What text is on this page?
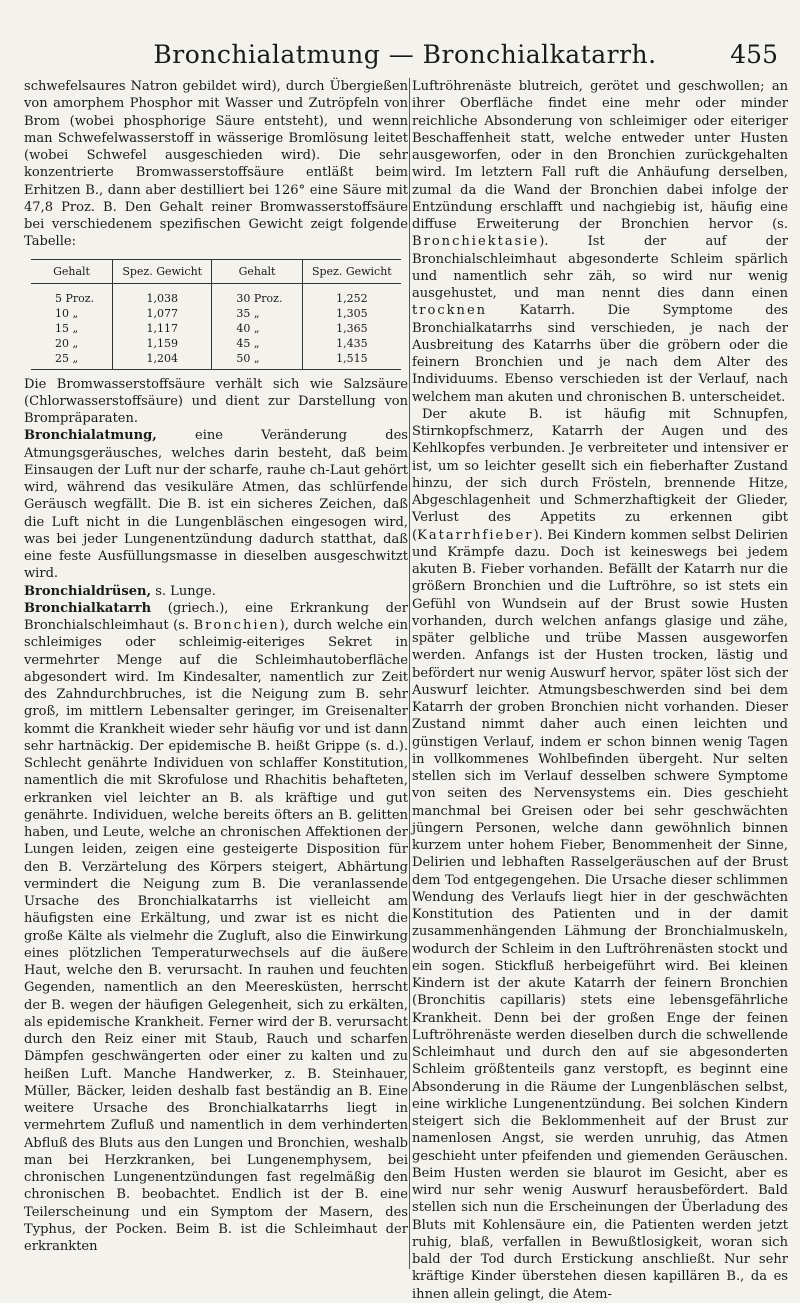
Bronchialatmung — Bronchialkatarrh.	455

schwefelsaures Natron gebildet wird), durch Übergießen von amorphem Phosphor mit Wasser und Zutröpfeln von Brom (wobei phosphorige Säure entsteht), und wenn man Schwefelwasserstoff in wässerige Bromlösung leitet (wobei Schwefel ausgeschieden wird). Die sehr konzentrierte Bromwasserstoffsäure entläßt beim Erhitzen B., dann aber destilliert bei 126° eine Säure mit 47,8 Proz. B. Den Gehalt reiner Bromwasserstoffsäure bei verschiedenem spezifischen Gewicht zeigt folgende Tabelle:

Gehalt	Spez. Gewicht	Gehalt	Spez. Gewicht
5 Proz.	1,038	30 Proz.	1,252
10 „	1,077	35 „	1,305
15 „	1,117	40 „	1,365
20 „	1,159	45 „	1,435
25 „	1,204	50 „	1,515

Die Bromwasserstoffsäure verhält sich wie Salzsäure (Chlorwasserstoffsäure) und dient zur Darstellung von Brompräparaten.

Bronchialatmung, eine Veränderung des Atmungsgeräusches, welches darin besteht, daß beim Einsaugen der Luft nur der scharfe, rauhe ch-Laut gehört wird, während das vesikuläre Atmen, das schlürfende Geräusch wegfällt. Die B. ist ein sicheres Zeichen, daß die Luft nicht in die Lungenbläschen eingesogen wird, was bei jeder Lungenentzündung dadurch statthat, daß eine feste Ausfüllungsmasse in dieselben ausgeschwitzt wird.

Bronchialdrüsen, s. Lunge.

Bronchialkatarrh (griech.), eine Erkrankung der Bronchialschleimhaut (s. Bronchien), durch welche ein schleimiges oder schleimig-eiteriges Sekret in vermehrter Menge auf die Schleimhautoberfläche abgesondert wird. Im Kindesalter, namentlich zur Zeit des Zahndurchbruches, ist die Neigung zum B. sehr groß, im mittlern Lebensalter geringer, im Greisenalter kommt die Krankheit wieder sehr häufig vor und ist dann sehr hartnäckig. Der epidemische B. heißt Grippe (s. d.). Schlecht genährte Individuen von schlaffer Konstitution, namentlich die mit Skrofulose und Rhachitis behafteten, erkranken viel leichter an B. als kräftige und gut genährte. Individuen, welche bereits öfters an B. gelitten haben, und Leute, welche an chronischen Affektionen der Lungen leiden, zeigen eine gesteigerte Disposition für den B. Verzärtelung des Körpers steigert, Abhärtung vermindert die Neigung zum B. Die veranlassende Ursache des Bronchialkatarrhs ist vielleicht am häufigsten eine Erkältung, und zwar ist es nicht die große Kälte als vielmehr die Zugluft, also die Einwirkung eines plötzlichen Temperaturwechsels auf die äußere Haut, welche den B. verursacht. In rauhen und feuchten Gegenden, namentlich an den Meeresküsten, herrscht der B. wegen der häufigen Gelegenheit, sich zu erkälten, als epidemische Krankheit. Ferner wird der B. verursacht durch den Reiz einer mit Staub, Rauch und scharfen Dämpfen geschwängerten oder einer zu kalten und zu heißen Luft. Manche Handwerker, z. B. Steinhauer, Müller, Bäcker, leiden deshalb fast beständig an B. Eine weitere Ursache des Bronchialkatarrhs liegt in vermehrtem Zufluß und namentlich in dem verhinderten Abfluß des Bluts aus den Lungen und Bronchien, weshalb man bei Herzkranken, bei Lungenemphysem, bei chronischen Lungenentzündungen fast regelmäßig den chronischen B. beobachtet. Endlich ist der B. eine Teilerscheinung und ein Symptom der Masern, des Typhus, der Pocken. Beim B. ist die Schleimhaut der erkrankten

Luftröhrenäste blutreich, gerötet und geschwollen; an ihrer Oberfläche findet eine mehr oder minder reichliche Absonderung von schleimiger oder eiteriger Beschaffenheit statt, welche entweder unter Husten ausgeworfen, oder in den Bronchien zurückgehalten wird. Im letztern Fall ruft die Anhäufung derselben, zumal da die Wand der Bronchien dabei infolge der Entzündung erschlafft und nachgiebig ist, häufig eine diffuse Erweiterung der Bronchien hervor (s. Bronchiektasie). Ist der auf der Bronchialschleimhaut abgesonderte Schleim spärlich und namentlich sehr zäh, so wird nur wenig ausgehustet, und man nennt dies dann einen trocknen Katarrh. Die Symptome des Bronchialkatarrhs sind verschieden, je nach der Ausbreitung des Katarrhs über die gröbern oder die feinern Bronchien und je nach dem Alter des Individuums. Ebenso verschieden ist der Verlauf, nach welchem man akuten und chronischen B. unterscheidet.

Der akute B. ist häufig mit Schnupfen, Stirnkopfschmerz, Katarrh der Augen und des Kehlkopfes verbunden. Je verbreiteter und intensiver er ist, um so leichter gesellt sich ein fieberhafter Zustand hinzu, der sich durch Frösteln, brennende Hitze, Abgeschlagenheit und Schmerzhaftigkeit der Glieder, Verlust des Appetits zu erkennen gibt (Katarrhfieber). Bei Kindern kommen selbst Delirien und Krämpfe dazu. Doch ist keineswegs bei jedem akuten B. Fieber vorhanden. Befällt der Katarrh nur die größern Bronchien und die Luftröhre, so ist stets ein Gefühl von Wundsein auf der Brust sowie Husten vorhanden, durch welchen anfangs glasige und zähe, später gelbliche und trübe Massen ausgeworfen werden. Anfangs ist der Husten trocken, lästig und befördert nur wenig Auswurf hervor, später löst sich der Auswurf leichter. Atmungsbeschwerden sind bei dem Katarrh der groben Bronchien nicht vorhanden. Dieser Zustand nimmt daher auch einen leichten und günstigen Verlauf, indem er schon binnen wenig Tagen in vollkommenes Wohlbefinden übergeht. Nur selten stellen sich im Verlauf desselben schwere Symptome von seiten des Nervensystems ein. Dies geschieht manchmal bei Greisen oder bei sehr geschwächten jüngern Personen, welche dann gewöhnlich binnen kurzem unter hohem Fieber, Benommenheit der Sinne, Delirien und lebhaften Rasselgeräuschen auf der Brust dem Tod entgegengehen. Die Ursache dieser schlimmen Wendung des Verlaufs liegt hier in der geschwächten Konstitution des Patienten und in der damit zusammenhängenden Lähmung der Bronchialmuskeln, wodurch der Schleim in den Luftröhrenästen stockt und ein sogen. Stickfluß herbeigeführt wird. Bei kleinen Kindern ist der akute Katarrh der feinern Bronchien (Bronchitis capillaris) stets eine lebensgefährliche Krankheit. Denn bei der großen Enge der feinen Luftröhrenäste werden dieselben durch die schwellende Schleimhaut und durch den auf sie abgesonderten Schleim größtenteils ganz verstopft, es beginnt eine Absonderung in die Räume der Lungenbläschen selbst, eine wirkliche Lungenentzündung. Bei solchen Kindern steigert sich die Beklommenheit auf der Brust zur namenlosen Angst, sie werden unruhig, das Atmen geschieht unter pfeifenden und giemenden Geräuschen. Beim Husten werden sie blaurot im Gesicht, aber es wird nur sehr wenig Auswurf herausbefördert. Bald stellen sich nun die Erscheinungen der Überladung des Bluts mit Kohlensäure ein, die Patienten werden jetzt ruhig, blaß, verfallen in Bewußtlosigkeit, woran sich bald der Tod durch Erstickung anschließt. Nur sehr kräftige Kinder überstehen diesen kapillären B., da es ihnen allein gelingt, die Atem-
